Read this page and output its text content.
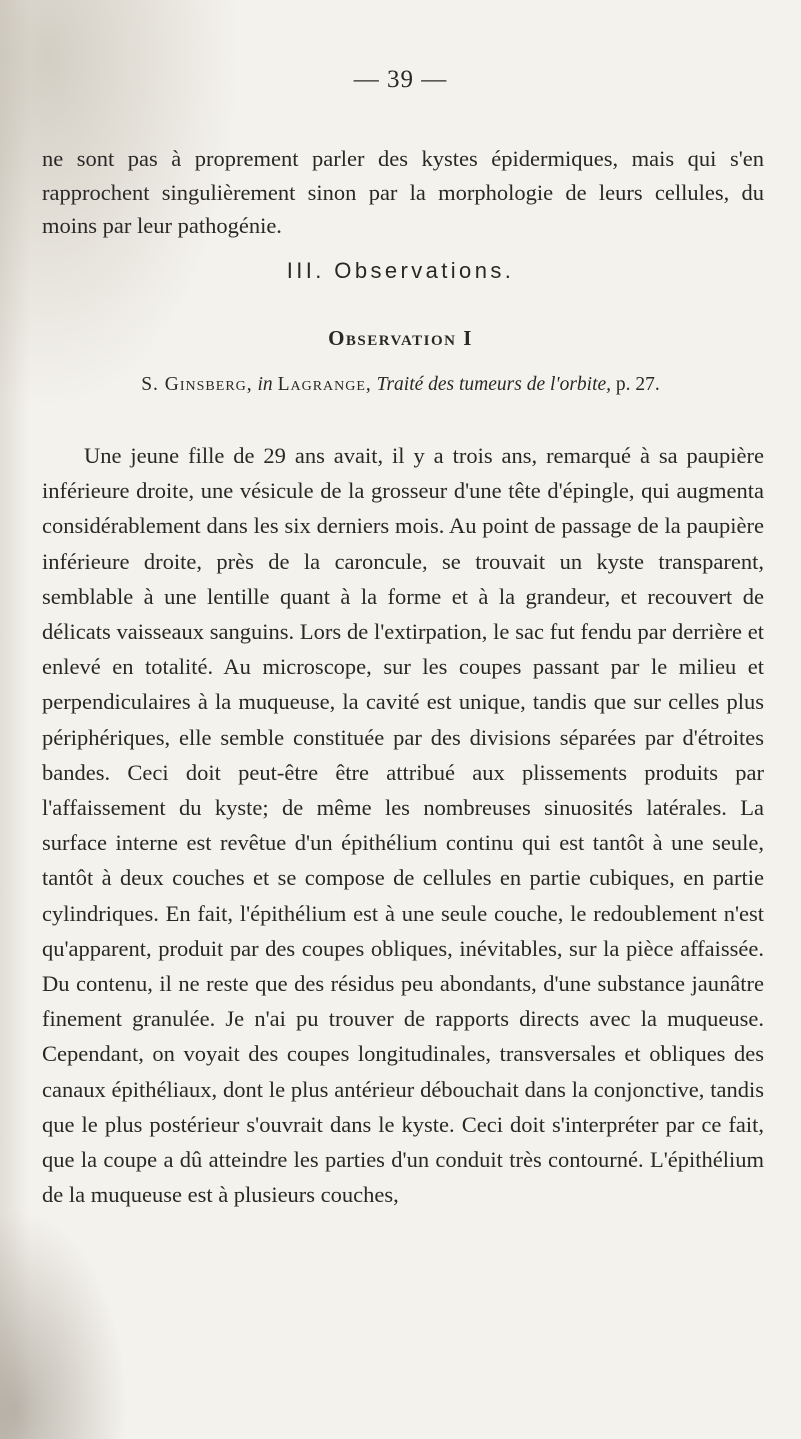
— 39 —

ne sont pas à proprement parler des kystes épidermiques, mais qui s'en rapprochent singulièrement sinon par la morphologie de leurs cellules, du moins par leur pathogénie.

III. Observations.
Observation I

S. Ginsberg, in Lagrange, Traité des tumeurs de l'orbite, p. 27.

Une jeune fille de 29 ans avait, il y a trois ans, remarqué à sa paupière inférieure droite, une vésicule de la grosseur d'une tête d'épingle, qui augmenta considérablement dans les six derniers mois. Au point de passage de la paupière inférieure droite, près de la caroncule, se trouvait un kyste transparent, semblable à une lentille quant à la forme et à la grandeur, et recouvert de délicats vaisseaux sanguins. Lors de l'extirpation, le sac fut fendu par derrière et enlevé en totalité. Au microscope, sur les coupes passant par le milieu et perpendiculaires à la muqueuse, la cavité est unique, tandis que sur celles plus périphériques, elle semble constituée par des divisions séparées par d'étroites bandes. Ceci doit peut-être être attribué aux plissements produits par l'affaissement du kyste; de même les nombreuses sinuosités latérales. La surface interne est revêtue d'un épithélium continu qui est tantôt à une seule, tantôt à deux couches et se compose de cellules en partie cubiques, en partie cylindriques. En fait, l'épithélium est à une seule couche, le redoublement n'est qu'apparent, produit par des coupes obliques, inévitables, sur la pièce affaissée. Du contenu, il ne reste que des résidus peu abondants, d'une substance jaunâtre finement granulée. Je n'ai pu trouver de rapports directs avec la muqueuse. Cependant, on voyait des coupes longitudinales, transversales et obliques des canaux épithéliaux, dont le plus antérieur débouchait dans la conjonctive, tandis que le plus postérieur s'ouvrait dans le kyste. Ceci doit s'interpréter par ce fait, que la coupe a dû atteindre les parties d'un conduit très contourné. L'épithélium de la muqueuse est à plusieurs couches,
